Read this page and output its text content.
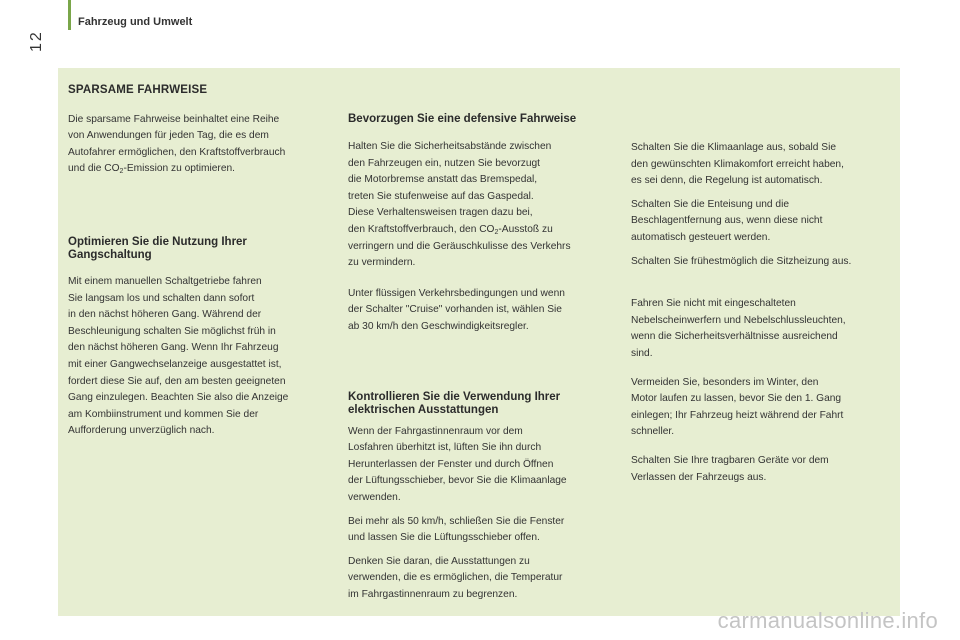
Fahrzeug und Umwelt
12
SPARSAME FAHRWEISE

Die sparsame Fahrweise beinhaltet eine Reihe
von Anwendungen für jeden Tag, die es dem
Autofahrer ermöglichen, den Kraftstoffverbrauch
und die $CO_2$-Emission zu optimieren.

Optimieren Sie die Nutzung Ihrer
Gangschaltung

Mit einem manuellen Schaltgetriebe fahren
Sie langsam los und schalten dann sofort
in den nächst höheren Gang. Während der
Beschleunigung schalten Sie möglichst früh in
den nächst höheren Gang. Wenn Ihr Fahrzeug
mit einer Gangwechselanzeige ausgestattet ist,
fordert diese Sie auf, den am besten geeigneten
Gang einzulegen. Beachten Sie also die Anzeige
am Kombiinstrument und kommen Sie der
Aufforderung unverzüglich nach.

Bevorzugen Sie eine defensive Fahrweise

Halten Sie die Sicherheitsabstände zwischen
den Fahrzeugen ein, nutzen Sie bevorzugt
die Motorbremse anstatt das Bremspedal,
treten Sie stufenweise auf das Gaspedal.
Diese Verhaltensweisen tragen dazu bei,
den Kraftstoffverbrauch, den $CO_2$-Ausstoß zu
verringern und die Geräuschkulisse des Verkehrs
zu vermindern.

Unter flüssigen Verkehrsbedingungen und wenn
der Schalter "Cruise" vorhanden ist, wählen Sie
ab 30 km/h den Geschwindigkeitsregler.

Kontrollieren Sie die Verwendung Ihrer
elektrischen Ausstattungen

Wenn der Fahrgastinnenraum vor dem
Losfahren überhitzt ist, lüften Sie ihn durch
Herunterlassen der Fenster und durch Öffnen
der Lüftungsschieber, bevor Sie die Klimaanlage
verwenden.

Bei mehr als 50 km/h, schließen Sie die Fenster
und lassen Sie die Lüftungsschieber offen.

Denken Sie daran, die Ausstattungen zu
verwenden, die es ermöglichen, die Temperatur
im Fahrgastinnenraum zu begrenzen.

Schalten Sie die Klimaanlage aus, sobald Sie
den gewünschten Klimakomfort erreicht haben,
es sei denn, die Regelung ist automatisch.

Schalten Sie die Enteisung und die
Beschlagentfernung aus, wenn diese nicht
automatisch gesteuert werden.

Schalten Sie frühestmöglich die Sitzheizung aus.

Fahren Sie nicht mit eingeschalteten
Nebelscheinwerfern und Nebelschlussleuchten,
wenn die Sicherheitsverhältnisse ausreichend
sind.

Vermeiden Sie, besonders im Winter, den
Motor laufen zu lassen, bevor Sie den 1. Gang
einlegen; Ihr Fahrzeug heizt während der Fahrt
schneller.

Schalten Sie Ihre tragbaren Geräte vor dem
Verlassen der Fahrzeugs aus.

carmanualsonline.info
